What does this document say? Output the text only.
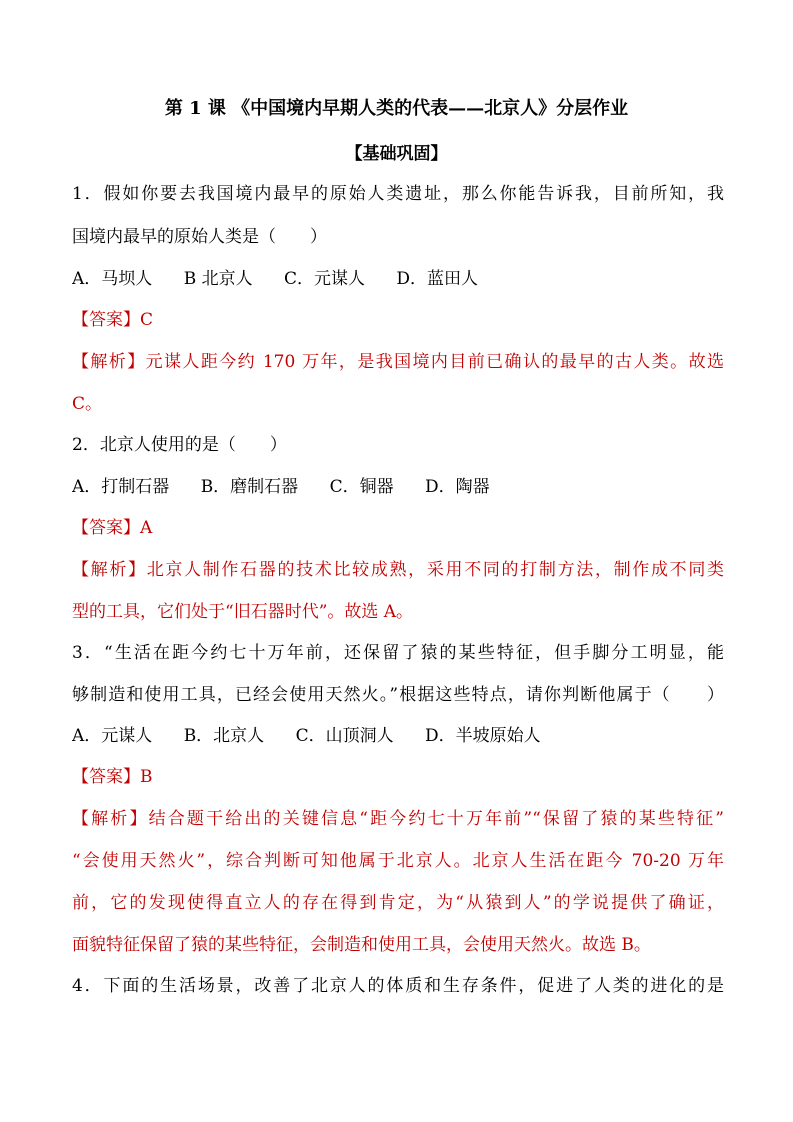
第 1 课 《中国境内早期人类的代表——北京人》分层作业
【基础巩固】
1．假如你要去我国境内最早的原始人类遗址，那么你能告诉我，目前所知，我
国境内最早的原始人类是（　　）
A．马坝人 B 北京人 C．元谋人 D．蓝田人
【答案】C
【解析】元谋人距今约 170 万年，是我国境内目前已确认的最早的古人类。故选
C。
2．北京人使用的是（　　）
A．打制石器 B．磨制石器 C．铜器 D．陶器
【答案】A
【解析】北京人制作石器的技术比较成熟，采用不同的打制方法，制作成不同类
型的工具，它们处于“旧石器时代”。故选 A。
3．“生活在距今约七十万年前，还保留了猿的某些特征，但手脚分工明显，能
够制造和使用工具，已经会使用天然火。”根据这些特点，请你判断他属于（　　）
A．元谋人 B．北京人 C．山顶洞人 D．半坡原始人
【答案】B
【解析】结合题干给出的关键信息“距今约七十万年前”“保留了猿的某些特征”
“会使用天然火”，综合判断可知他属于北京人。北京人生活在距今 70-20 万年
前，它的发现使得直立人的存在得到肯定，为“从猿到人”的学说提供了确证，
面貌特征保留了猿的某些特征，会制造和使用工具，会使用天然火。故选 B。
4．下面的生活场景，改善了北京人的体质和生存条件，促进了人类的进化的是
